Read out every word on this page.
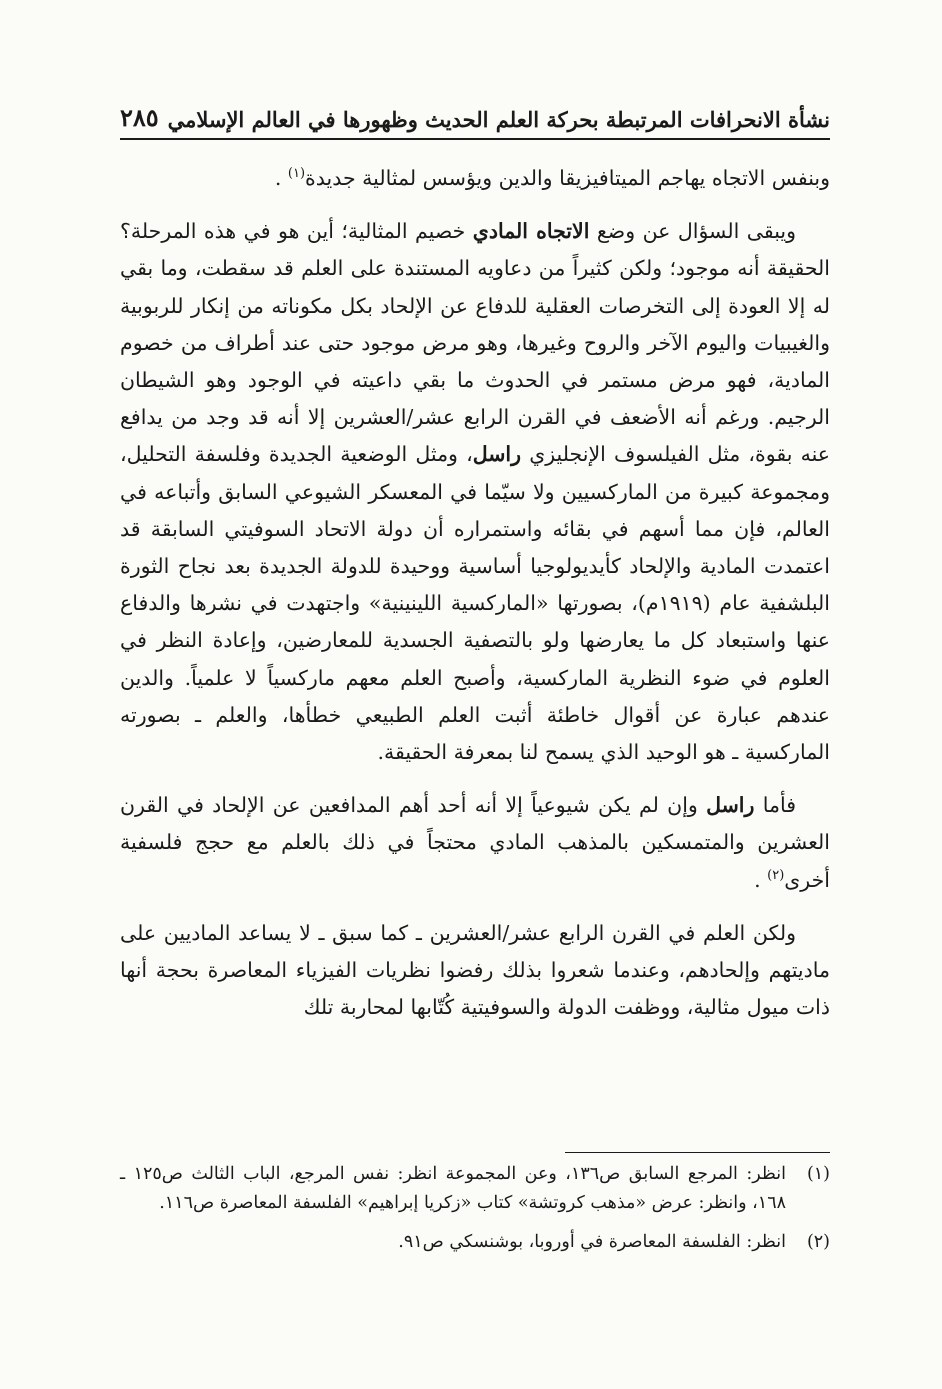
نشأة الانحرافات المرتبطة بحركة العلم الحديث وظهورها في العالم الإسلامي
٢٨٥

وبنفس الاتجاه يهاجم الميتافيزيقا والدين ويؤسس لمثالية جديدة$^{(١)}$ .

ويبقى السؤال عن وضع الاتجاه المادي خصيم المثالية؛ أين هو في هذه المرحلة؟ الحقيقة أنه موجود؛ ولكن كثيراً من دعاويه المستندة على العلم قد سقطت، وما بقي له إلا العودة إلى التخرصات العقلية للدفاع عن الإلحاد بكل مكوناته من إنكار للربوبية والغيبيات واليوم الآخر والروح وغيرها، وهو مرض موجود حتى عند أطراف من خصوم المادية، فهو مرض مستمر في الحدوث ما بقي داعيته في الوجود وهو الشيطان الرجيم. ورغم أنه الأضعف في القرن الرابع عشر/العشرين إلا أنه قد وجد من يدافع عنه بقوة، مثل الفيلسوف الإنجليزي راسل، ومثل الوضعية الجديدة وفلسفة التحليل، ومجموعة كبيرة من الماركسيين ولا سيّما في المعسكر الشيوعي السابق وأتباعه في العالم، فإن مما أسهم في بقائه واستمراره أن دولة الاتحاد السوفيتي السابقة قد اعتمدت المادية والإلحاد كأيديولوجيا أساسية ووحيدة للدولة الجديدة بعد نجاح الثورة البلشفية عام (١٩١٩م)، بصورتها «الماركسية اللينينية» واجتهدت في نشرها والدفاع عنها واستبعاد كل ما يعارضها ولو بالتصفية الجسدية للمعارضين، وإعادة النظر في العلوم في ضوء النظرية الماركسية، وأصبح العلم معهم ماركسياً لا علمياً. والدين عندهم عبارة عن أقوال خاطئة أثبت العلم الطبيعي خطأها، والعلم ـ بصورته الماركسية ـ هو الوحيد الذي يسمح لنا بمعرفة الحقيقة.

فأما راسل وإن لم يكن شيوعياً إلا أنه أحد أهم المدافعين عن الإلحاد في القرن العشرين والمتمسكين بالمذهب المادي محتجاً في ذلك بالعلم مع حجج فلسفية أخرى$^{(٢)}$ .

ولكن العلم في القرن الرابع عشر/العشرين ـ كما سبق ـ لا يساعد الماديين على ماديتهم وإلحادهم، وعندما شعروا بذلك رفضوا نظريات الفيزياء المعاصرة بحجة أنها ذات ميول مثالية، ووظفت الدولة والسوفيتية كُتّابها لمحاربة تلك

(١)
انظر: المرجع السابق ص١٣٦، وعن المجموعة انظر: نفس المرجع، الباب الثالث ص١٢٥ ـ ١٦٨، وانظر: عرض «مذهب كروتشة» كتاب «زكريا إبراهيم» الفلسفة المعاصرة ص١١٦.
(٢)
انظر: الفلسفة المعاصرة في أوروبا، بوشنسكي ص٩١.
